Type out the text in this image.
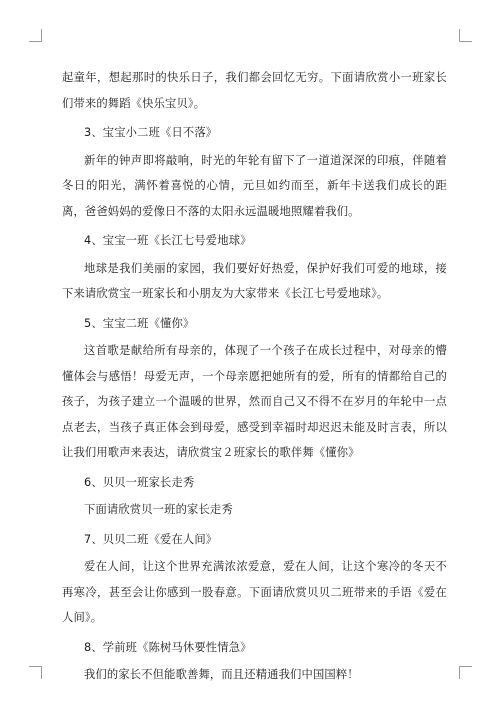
起童年，想起那时的快乐日子，我们都会回忆无穷。下面请欣赏小一班家长们带来的舞蹈《快乐宝贝》。

3、宝宝小二班《日不落》

新年的钟声即将敲响，时光的年轮有留下了一道道深深的印痕，伴随着冬日的阳光，满怀着喜悦的心情，元旦如约而至，新年卡送我们成长的距离，爸爸妈妈的爱像日不落的太阳永远温暖地照耀着我们。

4、宝宝一班《长江七号爱地球》

地球是我们美丽的家园，我们要好好热爱，保护好我们可爱的地球，接下来请欣赏宝一班家长和小朋友为大家带来《长江七号爱地球》。

5、宝宝二班《懂你》

这首歌是献给所有母亲的，体现了一个孩子在成长过程中，对母亲的懵懂体会与感悟！母爱无声，一个母亲愿把她所有的爱，所有的情都给自己的孩子，为孩子建立一个温暖的世界，然而自己又不得不在岁月的年轮中一点点老去，当孩子真正体会到母爱，感受到幸福时却迟迟未能及时言表，所以让我们用歌声来表达，请欣赏宝２班家长的歌伴舞《懂你》

6、贝贝一班家长走秀

下面请欣赏贝一班的家长走秀

7、贝贝二班《爱在人间》

爱在人间，让这个世界充满浓浓爱意，爱在人间，让这个寒冷的冬天不再寒冷，甚至会让你感到一股春意。下面请欣赏贝贝二班带来的手语《爱在人间》。

8、学前班《陈树马休要性情急》

我们的家长不但能歌善舞，而且还精通我们中国国粹！
